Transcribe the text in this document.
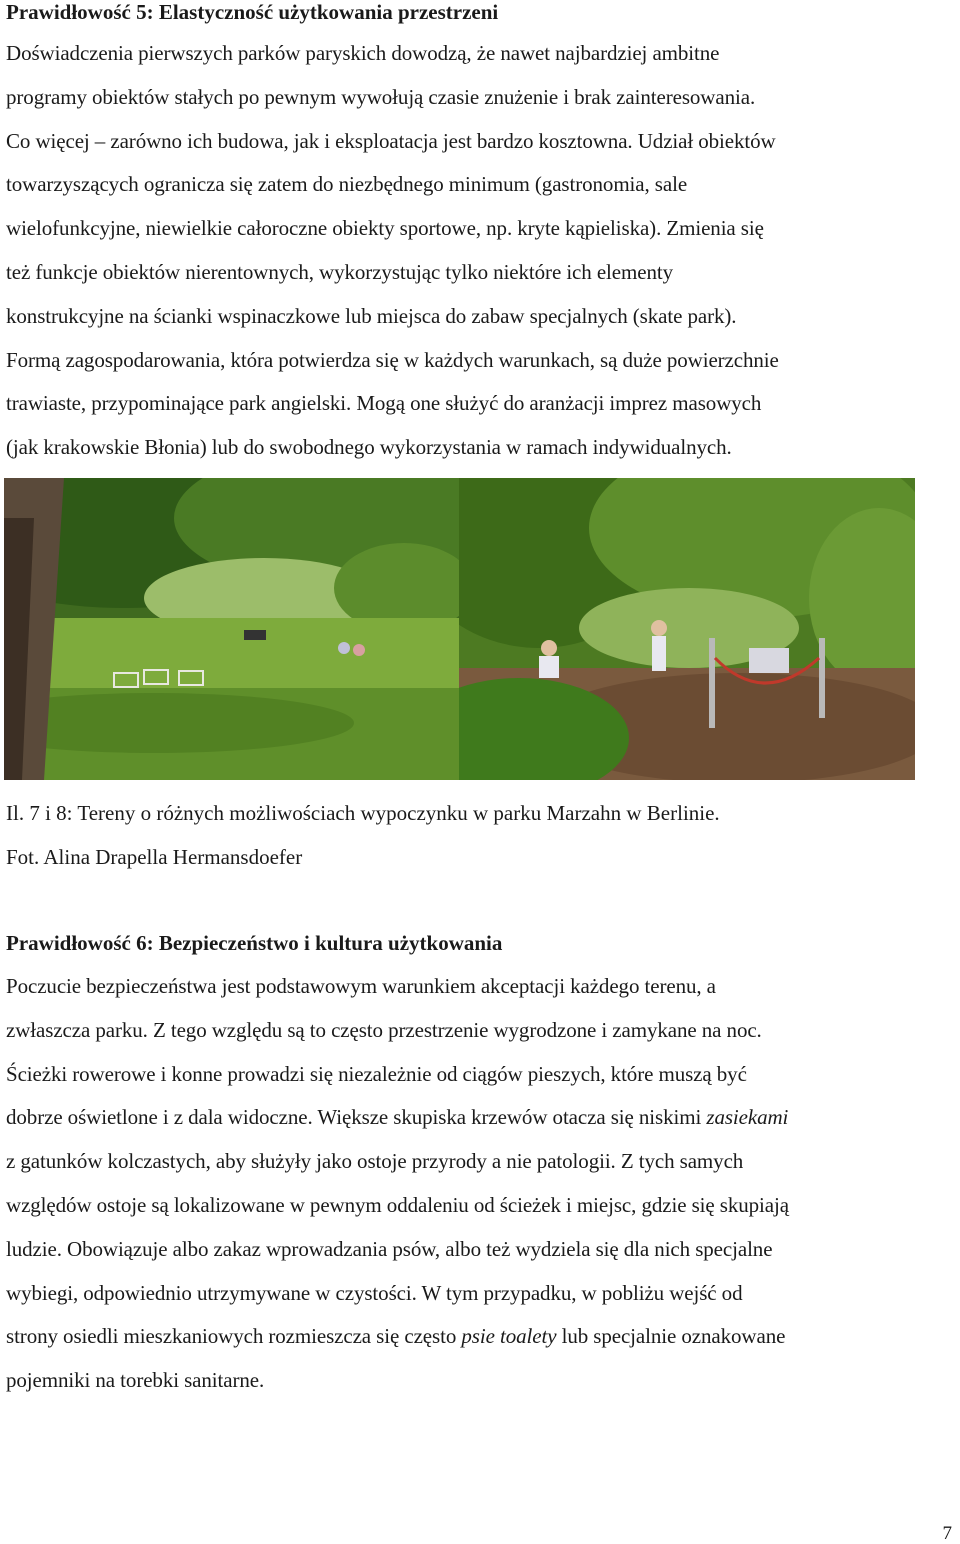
Prawidłowość 5: Elastyczność użytkowania przestrzeni

Doświadczenia pierwszych parków paryskich dowodzą, że nawet najbardziej ambitne
programy obiektów stałych po pewnym wywołują czasie znużenie i brak zainteresowania.
Co więcej – zarówno ich budowa, jak i eksploatacja jest bardzo kosztowna. Udział obiektów
towarzyszących ogranicza się zatem do niezbędnego minimum (gastronomia, sale
wielofunkcyjne, niewielkie całoroczne obiekty sportowe, np. kryte kąpieliska). Zmienia się
też funkcje obiektów nierentownych, wykorzystując tylko niektóre ich elementy
konstrukcyjne na ścianki wspinaczkowe lub miejsca do zabaw specjalnych (skate park).
Formą zagospodarowania, która potwierdza się w każdych warunkach, są duże powierzchnie
trawiaste, przypominające park angielski. Mogą one służyć do aranżacji imprez masowych
(jak krakowskie Błonia) lub do swobodnego wykorzystania w ramach indywidualnych.

Il. 7 i 8: Tereny o różnych możliwościach wypoczynku w parku Marzahn w Berlinie.
Fot. Alina Drapella Hermansdoefer

Prawidłowość 6: Bezpieczeństwo i kultura użytkowania

Poczucie bezpieczeństwa jest podstawowym warunkiem akceptacji każdego terenu, a
zwłaszcza parku. Z tego względu są to często przestrzenie wygrodzone i zamykane na noc.
Ścieżki rowerowe i konne prowadzi się niezależnie od ciągów pieszych, które muszą być
dobrze oświetlone i z dala widoczne. Większe skupiska krzewów otacza się niskimi zasiekami
z gatunków kolczastych, aby służyły jako ostoje przyrody a nie patologii. Z tych samych
względów ostoje są lokalizowane w pewnym oddaleniu od ścieżek i miejsc, gdzie się skupiają
ludzie. Obowiązuje albo zakaz wprowadzania psów, albo też wydziela się dla nich specjalne
wybiegi, odpowiednio utrzymywane w czystości. W tym przypadku, w pobliżu wejść od
strony osiedli mieszkaniowych rozmieszcza się często psie toalety lub specjalnie oznakowane
pojemniki na torebki sanitarne.

7
